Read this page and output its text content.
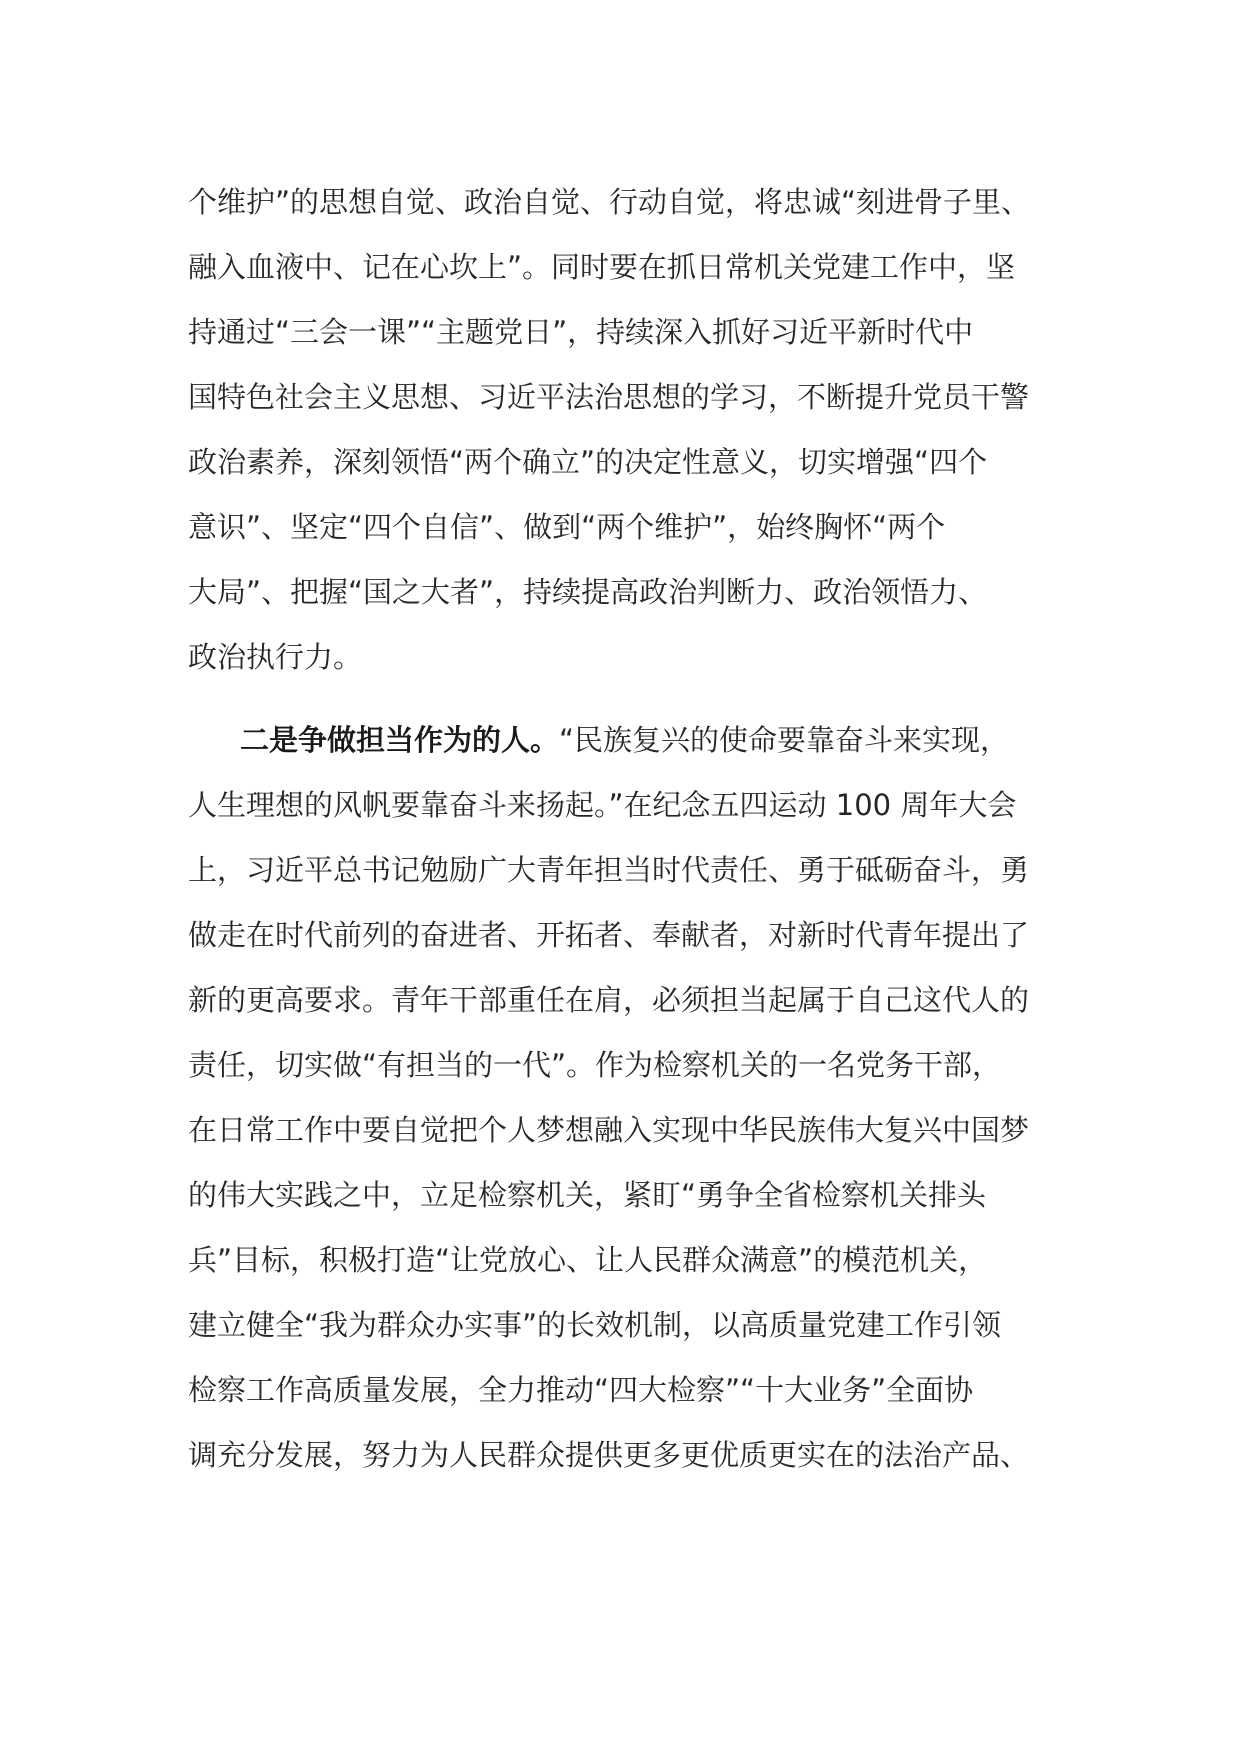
个维护”的思想自觉、政治自觉、行动自觉，将忠诚“刻进骨子里、
融入血液中、记在心坎上”。同时要在抓日常机关党建工作中，坚
持通过“三会一课”“主题党日”，持续深入抓好习近平新时代中
国特色社会主义思想、习近平法治思想的学习，不断提升党员干警
政治素养，深刻领悟“两个确立”的决定性意义，切实增强“四个
意识”、坚定“四个自信”、做到“两个维护”，始终胸怀“两个
大局”、把握“国之大者”，持续提高政治判断力、政治领悟力、
政治执行力。
二是争做担当作为的人。“民族复兴的使命要靠奋斗来实现，
人生理想的风帆要靠奋斗来扬起。”在纪念五四运动 100 周年大会
上，习近平总书记勉励广大青年担当时代责任、勇于砥砺奋斗，勇
做走在时代前列的奋进者、开拓者、奉献者，对新时代青年提出了
新的更高要求。青年干部重任在肩，必须担当起属于自己这代人的
责任，切实做“有担当的一代”。作为检察机关的一名党务干部，
在日常工作中要自觉把个人梦想融入实现中华民族伟大复兴中国梦
的伟大实践之中，立足检察机关，紧盯“勇争全省检察机关排头
兵”目标，积极打造“让党放心、让人民群众满意”的模范机关，
建立健全“我为群众办实事”的长效机制，以高质量党建工作引领
检察工作高质量发展，全力推动“四大检察”“十大业务”全面协
调充分发展，努力为人民群众提供更多更优质更实在的法治产品、
